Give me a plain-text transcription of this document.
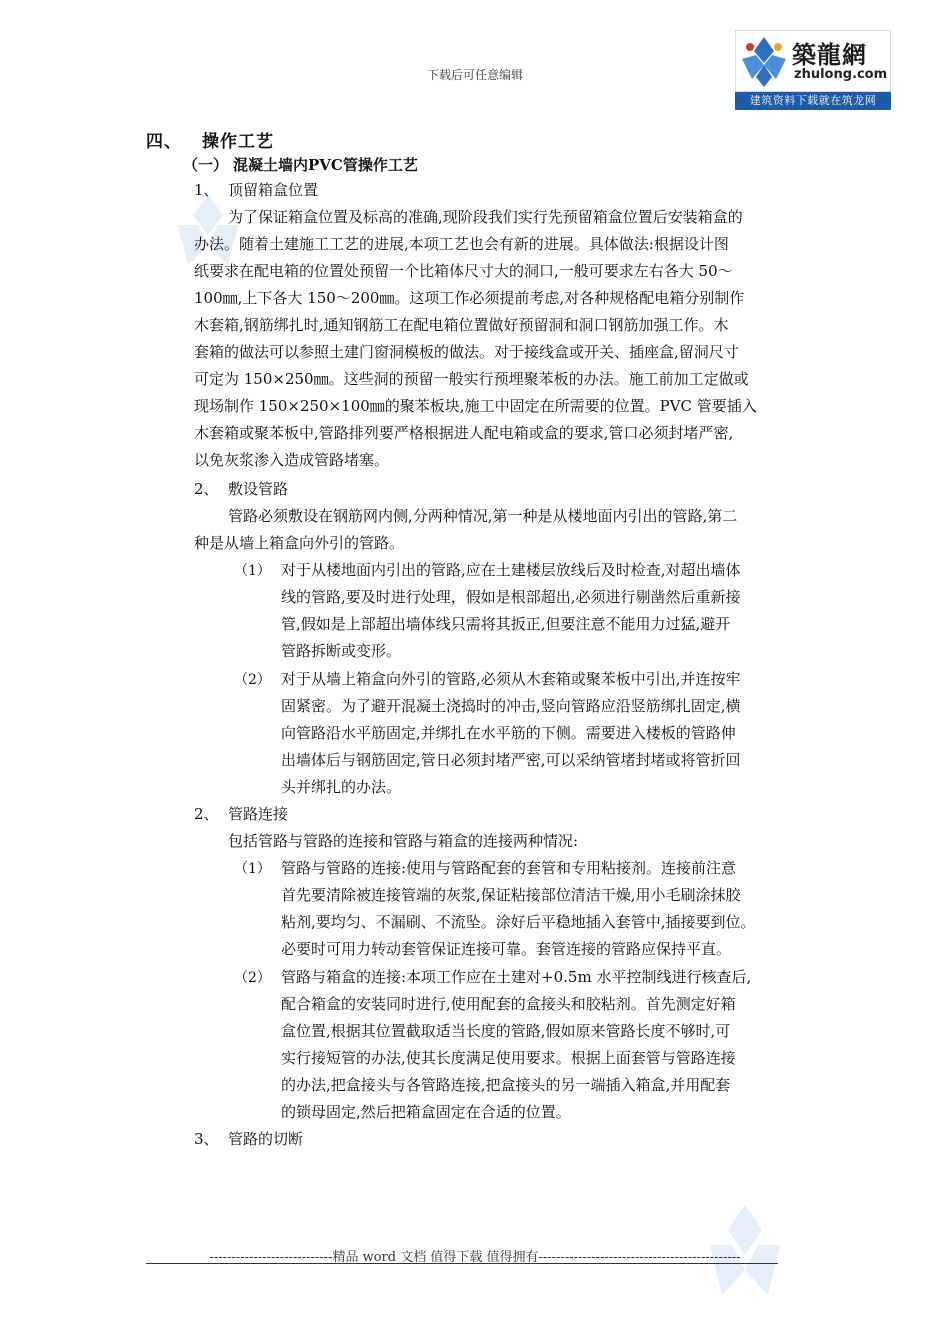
下载后可任意编辑
築龍網
zhulong.com
建筑资料下载就在筑龙网
四、 操作工艺
（一） 混凝土墙内PVC管操作工艺
1、 顶留箱盒位置
为了保证箱盒位置及标高的准确,现阶段我们实行先预留箱盒位置后安装箱盒的
办法。随着土建施工工艺的进展,本项工艺也会有新的进展。具体做法:根据设计图
纸要求在配电箱的位置处预留一个比箱体尺寸大的洞口,一般可要求左右各大 50～
100㎜,上下各大 150～200㎜。这项工作必须提前考虑,对各种规格配电箱分别制作
木套箱,钢筋绑扎时,通知钢筋工在配电箱位置做好预留洞和洞口钢筋加强工作。木
套箱的做法可以参照土建门窗洞模板的做法。对于接线盒或开关、插座盒,留洞尺寸
可定为 150×250㎜。这些洞的预留一般实行预埋聚苯板的办法。施工前加工定做或
现场制作 150×250×100㎜的聚苯板块,施工中固定在所需要的位置。PVC 管要插入
木套箱或聚苯板中,管路排列要严格根据进人配电箱或盒的要求,管口必须封堵严密,
以免灰浆渗入造成管路堵塞。
2、 敷设管路
管路必须敷设在钢筋网内侧,分两种情况,第一种是从楼地面内引出的管路,第二
种是从墙上箱盒向外引的管路。
（1） 对于从楼地面内引出的管路,应在土建楼层放线后及时检查,对超出墙体
线的管路,要及时进行处理，假如是根部超出,必须进行剔凿然后重新接
管,假如是上部超出墙体线只需将其扳正,但要注意不能用力过猛,避开
管路拆断或变形。
（2） 对于从墙上箱盒向外引的管路,必须从木套箱或聚苯板中引出,并连按牢
固紧密。为了避开混凝土浇捣时的冲击,竖向管路应沿竖筋绑扎固定,横
向管路沿水平筋固定,并绑扎在水平筋的下侧。需要进入楼板的管路伸
出墙体后与钢筋固定,管日必须封堵严密,可以采纳管堵封堵或将管折回
头并绑扎的办法。
2、 管路连接
包括管路与管路的连接和管路与箱盒的连接两种情况:
（1） 管路与管路的连接:使用与管路配套的套管和专用粘接剂。连接前注意
首先要清除被连接管端的灰浆,保证粘接部位清洁干燥,用小毛刷涂抹胶
粘剂,要均匀、不漏刷、不流坠。涂好后平稳地插入套管中,插接要到位。
必要时可用力转动套管保证连接可靠。套管连接的管路应保持平直。
（2） 管路与箱盒的连接:本项工作应在土建对+0.5m 水平控制线进行核查后,
配合箱盒的安装同时进行,使用配套的盒接头和胶粘剂。首先测定好箱
盒位置,根据其位置截取适当长度的管路,假如原来管路长度不够时,可
实行接短管的办法,使其长度满足使用要求。根据上面套管与管路连接
的办法,把盒接头与各管路连接,把盒接头的另一端插入箱盒,并用配套
的锁母固定,然后把箱盒固定在合适的位置。
3、 管路的切断
----------------------------精品 word 文档 值得下载 值得拥有----------------------------------------------
